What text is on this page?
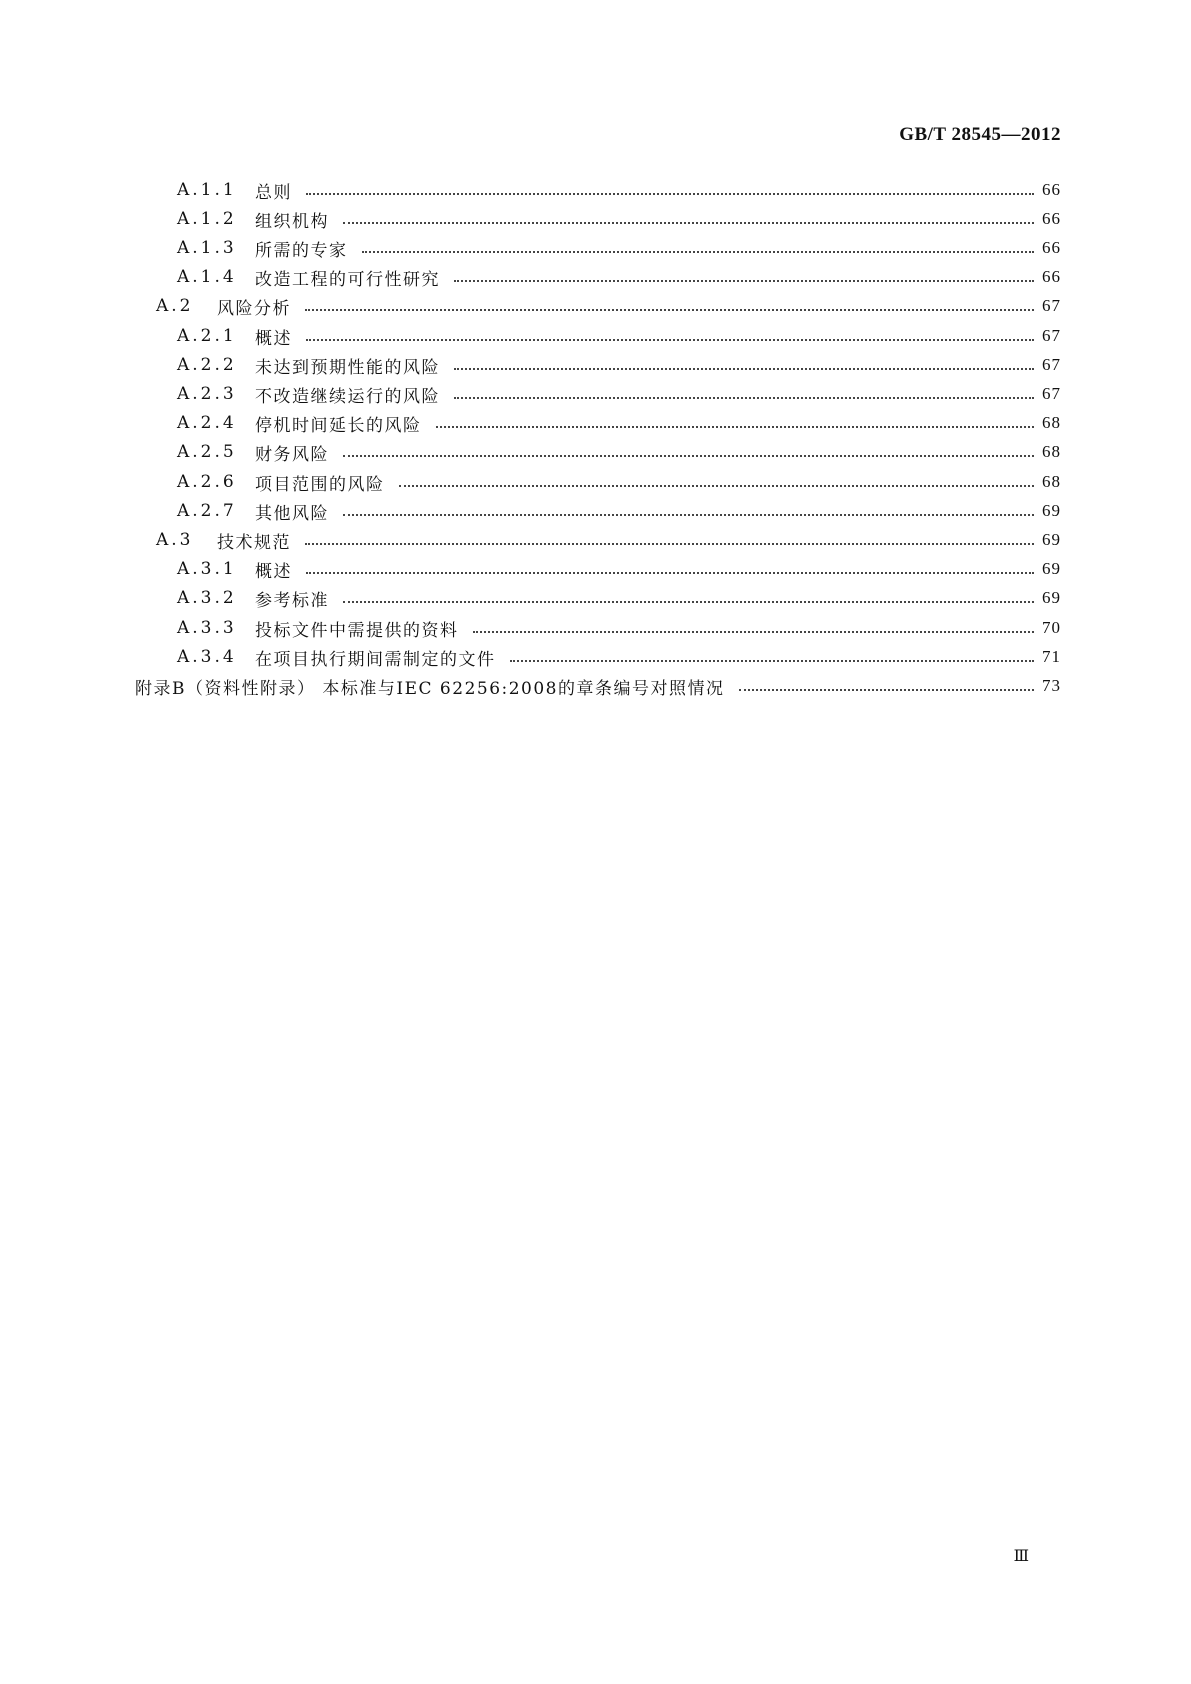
GB/T 28545—2012
A.1.1	总则	66
A.1.2	组织机构	66
A.1.3	所需的专家	66
A.1.4	改造工程的可行性研究	66
A.2	风险分析	67
A.2.1	概述	67
A.2.2	未达到预期性能的风险	67
A.2.3	不改造继续运行的风险	67
A.2.4	停机时间延长的风险	68
A.2.5	财务风险	68
A.2.6	项目范围的风险	68
A.2.7	其他风险	69
A.3	技术规范	69
A.3.1	概述	69
A.3.2	参考标准	69
A.3.3	投标文件中需提供的资料	70
A.3.4	在项目执行期间需制定的文件	71
附录B（资料性附录） 本标准与IEC 62256:2008的章条编号对照情况	73
Ⅲ
